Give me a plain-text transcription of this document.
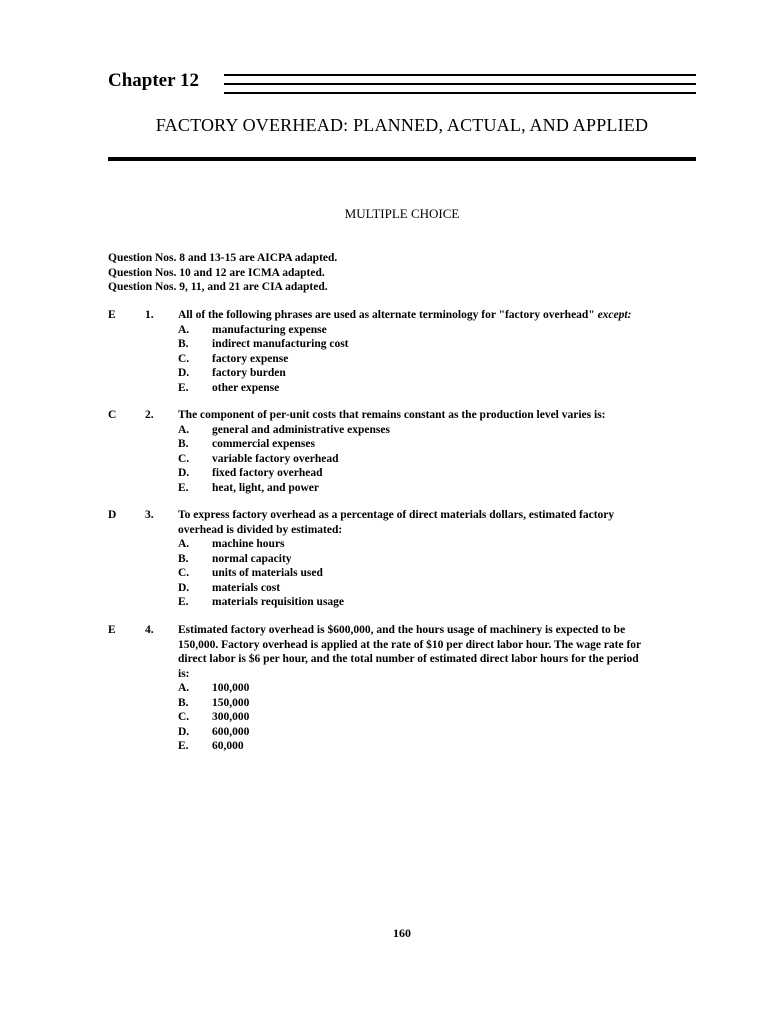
Chapter 12
FACTORY OVERHEAD: PLANNED, ACTUAL, AND APPLIED
MULTIPLE CHOICE
Question Nos. 8 and 13-15 are AICPA adapted.
Question Nos. 10 and 12 are ICMA adapted.
Question Nos. 9, 11, and 21 are CIA adapted.
E	1. All of the following phrases are used as alternate terminology for "factory overhead" except:
A. manufacturing expense
B. indirect manufacturing cost
C. factory expense
D. factory burden
E. other expense
C 2. The component of per-unit costs that remains constant as the production level varies is:
A. general and administrative expenses
B. commercial expenses
C. variable factory overhead
D. fixed factory overhead
E. heat, light, and power
D 3. To express factory overhead as a percentage of direct materials dollars, estimated factory
overhead is divided by estimated:
A. machine hours
B. normal capacity
C. units of materials used
D. materials cost
E. materials requisition usage
E	4. Estimated factory overhead is $600,000, and the hours usage of machinery is expected to be
150,000. Factory overhead is applied at the rate of $10 per direct labor hour. The wage rate for
direct labor is $6 per hour, and the total number of estimated direct labor hours for the period
is:
A. 100,000
B. 150,000
C. 300,000
D. 600,000
E. 60,000
160
